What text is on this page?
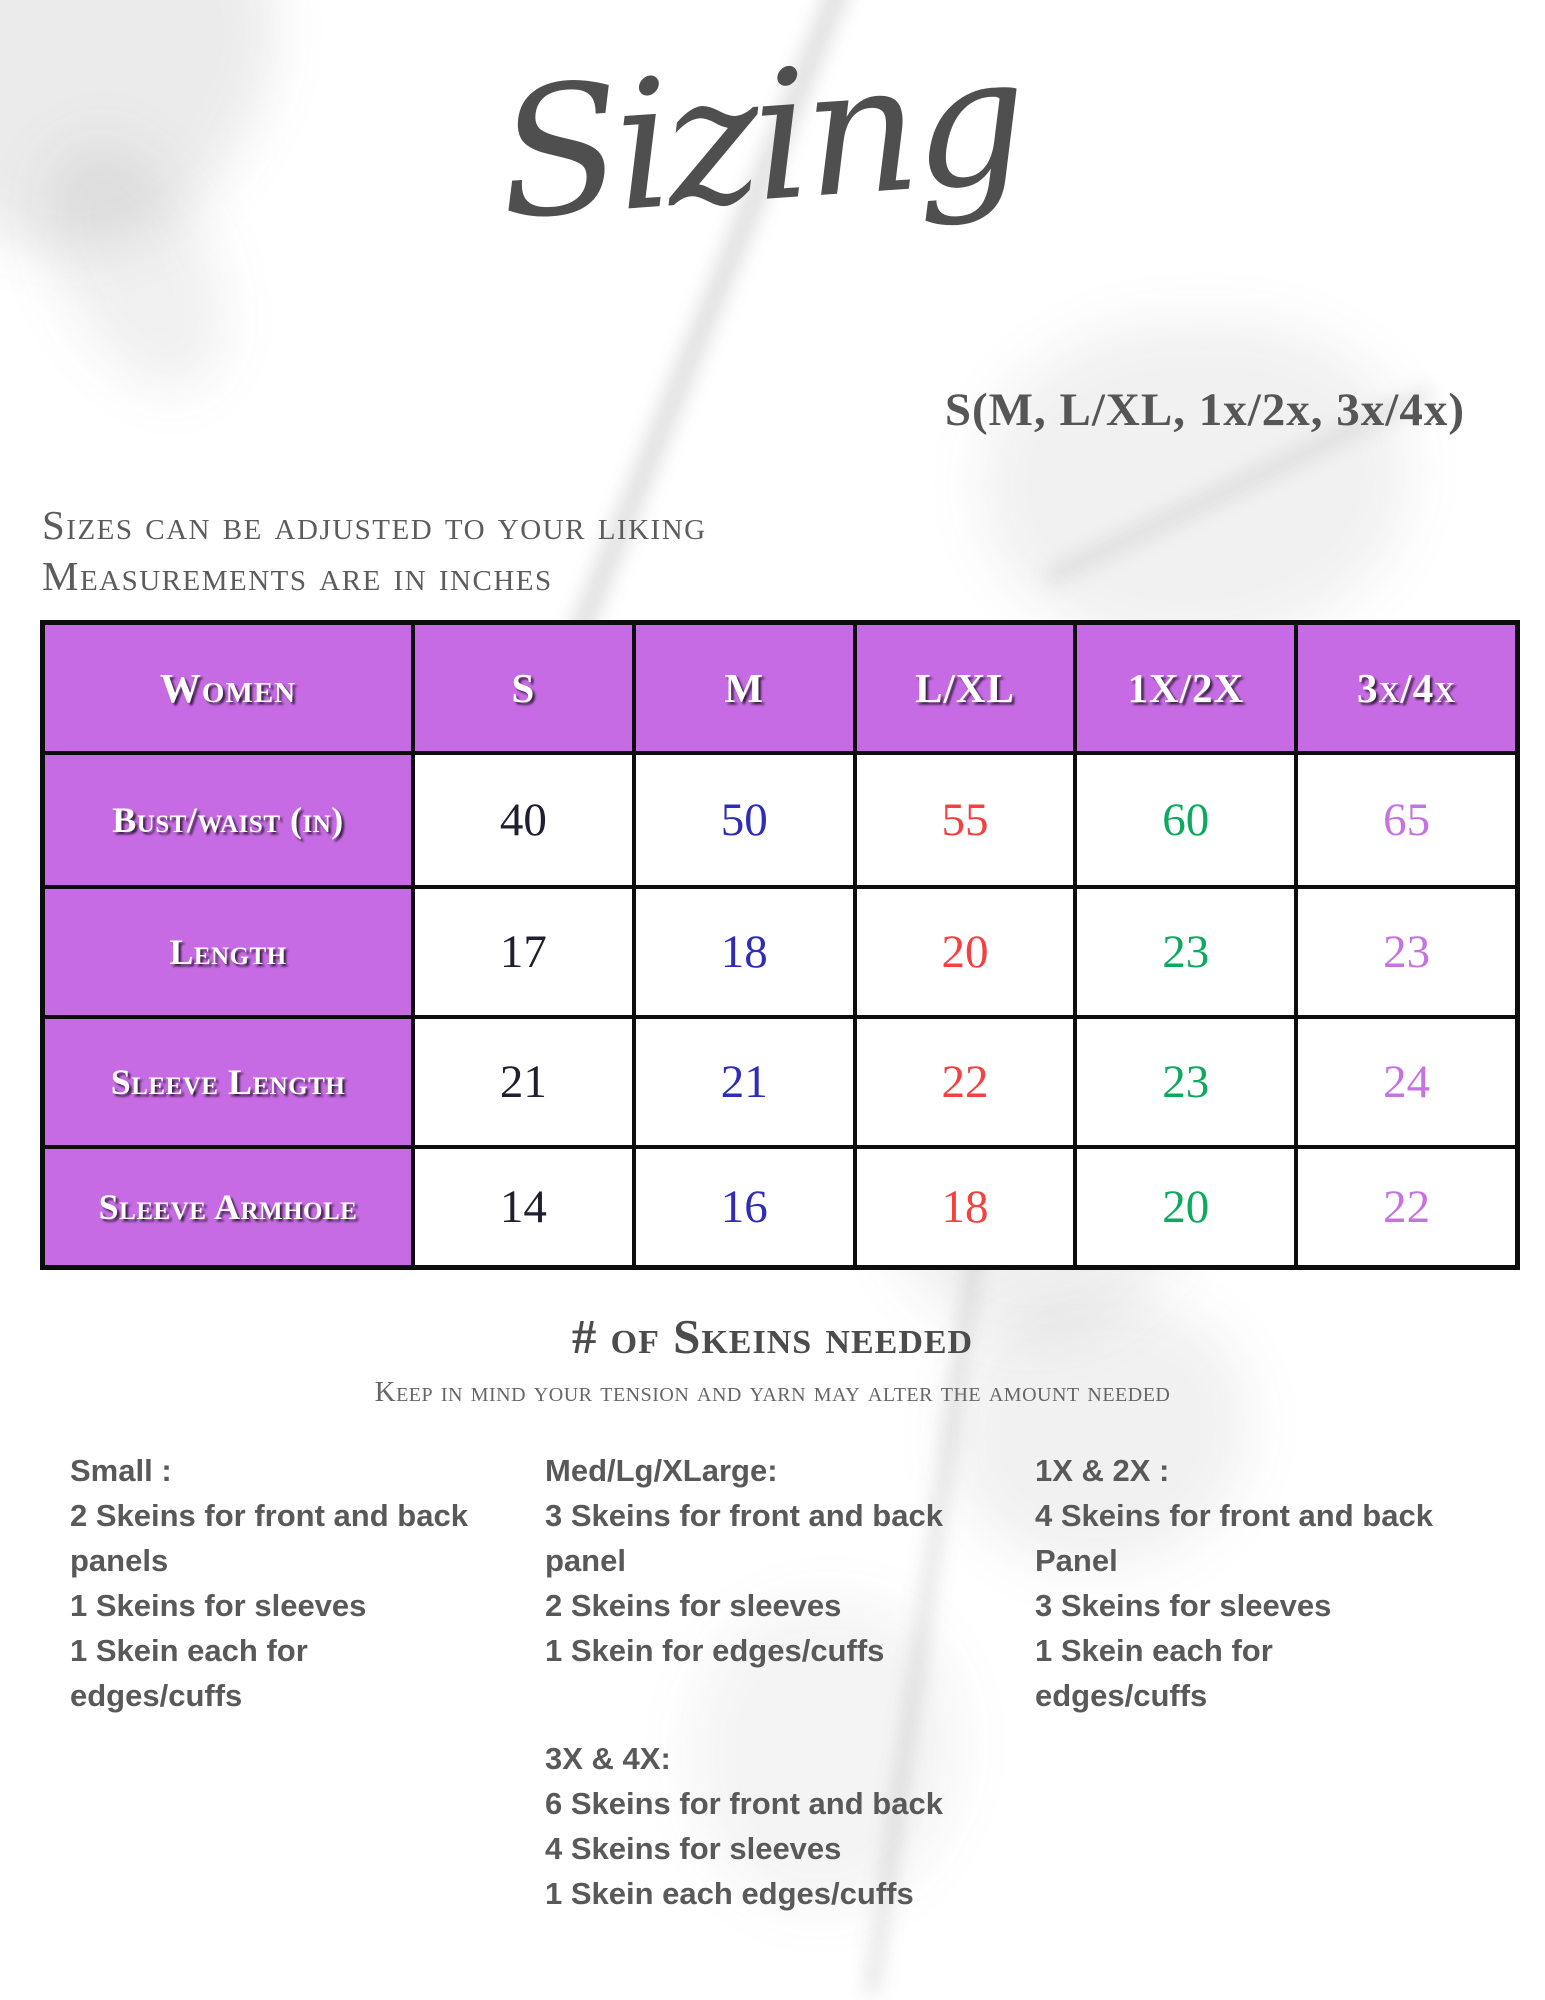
Sizing
S(M, L/XL, 1x/2x, 3x/4x)
Sizes can be adjusted to your liking
Measurements are in inches
Women	S	M	L/XL	1X/2X	3x/4x
Bust/waist (in)	40	50	55	60	65
Length	17	18	20	23	23
Sleeve Length	21	21	22	23	24
Sleeve Armhole	14	16	18	20	22
# of Skeins needed
Keep in mind your tension and yarn may alter the amount needed
Small :
2 Skeins for front and back
panels
1 Skeins for sleeves
1 Skein each for
edges/cuffs
Med/Lg/XLarge:
3 Skeins for front and back
panel
2 Skeins for sleeves
1 Skein for edges/cuffs
3X & 4X:
6 Skeins for front and back
4 Skeins for sleeves
1 Skein each edges/cuffs
1X & 2X :
4 Skeins for front and back
Panel
3 Skeins for sleeves
1 Skein each for
edges/cuffs
